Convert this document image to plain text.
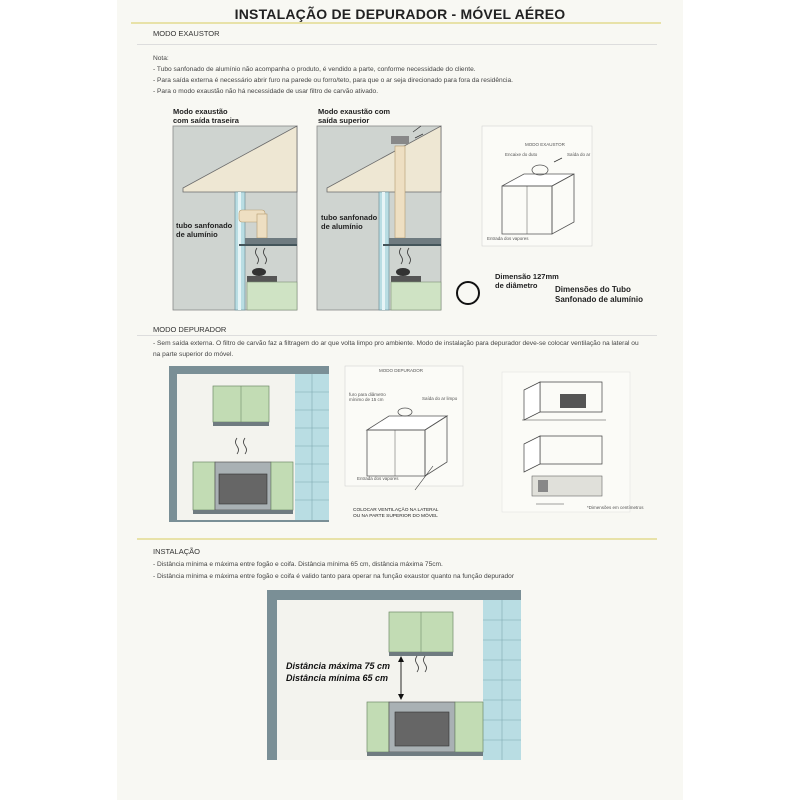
INSTALAÇÃO DE DEPURADOR - MÓVEL AÉREO
MODO EXAUSTOR
Nota:
- Tubo sanfonado de alumínio não acompanha o produto, é vendido a parte, conforme necessidade do cliente.
- Para saída externa é necessário abrir furo na parede ou forro/teto, para que o ar seja direcionado para fora da residência.
- Para o modo exaustão não há necessidade de usar filtro de carvão ativado.
Modo exaustão
com saída traseira
tubo sanfonado
de alumínio
Modo exaustão com
saída superior
tubo sanfonado
de alumínio
MODO EXAUSTOR
Encaixe do duto	Saída do ar
Entrada dos vapores
Dimensão 127mm
de diâmetro	Dimensões do Tubo
Sanfonado de alumínio
MODO DEPURADOR
- Sem saída externa. O filtro de carvão faz a filtragem do ar que volta limpo pro ambiente. Modo de instalação para depurador deve-se colocar ventilação na lateral ou na parte superior do móvel.
MODO DEPURADOR
furo para diâmetro mínimo de 15 cm	Saída do ar limpo
Entrada dos vapores
COLOCAR VENTILAÇÃO NA LATERAL
OU NA PARTE SUPERIOR DO MÓVEL
*Dimensões em centímetros
INSTALAÇÃO
- Distância mínima e máxima entre fogão e coifa. Distância mínima 65 cm, distância máxima 75cm.
- Distância mínima e máxima entre fogão e coifa é valido tanto para operar na função exaustor quanto na função depurador
Distância máxima 75 cm
Distância mínima 65 cm
